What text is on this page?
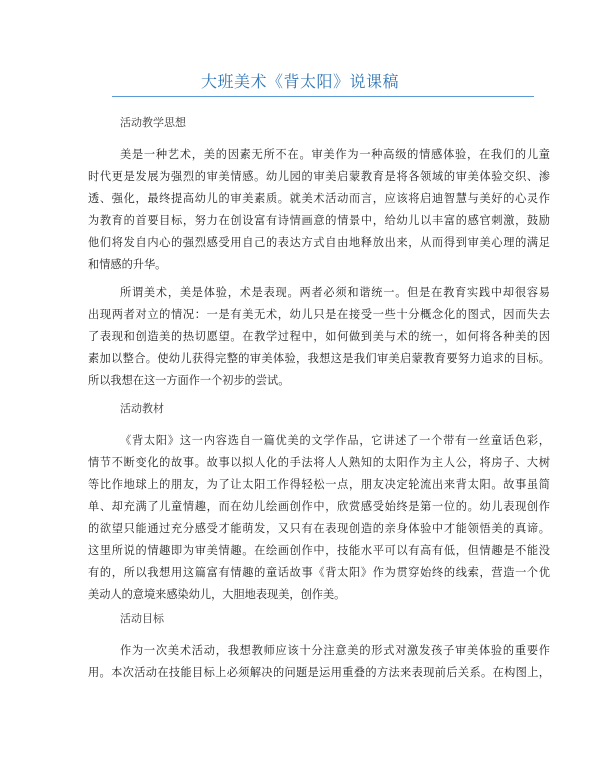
大班美术《背太阳》说课稿
活动教学思想
美是一种艺术，美的因素无所不在。审美作为一种高级的情感体验，在我们的儿童
时代更是发展为强烈的审美情感。幼儿园的审美启蒙教育是将各领域的审美体验交织、渗
透、强化，最终提高幼儿的审美素质。就美术活动而言，应该将启迪智慧与美好的心灵作
为教育的首要目标，努力在创设富有诗情画意的情景中，给幼儿以丰富的感官刺激，鼓励
他们将发自内心的强烈感受用自己的表达方式自由地释放出来，从而得到审美心理的满足
和情感的升华。
所谓美术，美是体验，术是表现。两者必须和谐统一。但是在教育实践中却很容易
出现两者对立的情况：一是有美无术，幼儿只是在接受一些十分概念化的图式，因而失去
了表现和创造美的热切愿望。在教学过程中，如何做到美与术的统一，如何将各种美的因
素加以整合。使幼儿获得完整的审美体验，我想这是我们审美启蒙教育要努力追求的目标。
所以我想在这一方面作一个初步的尝试。
活动教材
《背太阳》这一内容选自一篇优美的文学作品，它讲述了一个带有一丝童话色彩，
情节不断变化的故事。故事以拟人化的手法将人人熟知的太阳作为主人公，将房子、大树
等比作地球上的朋友，为了让太阳工作得轻松一点，朋友决定轮流出来背太阳。故事虽简
单、却充满了儿童情趣，而在幼儿绘画创作中，欣赏感受始终是第一位的。幼儿表现创作
的欲望只能通过充分感受才能萌发，又只有在表现创造的亲身体验中才能领悟美的真谛。
这里所说的情趣即为审美情趣。在绘画创作中，技能水平可以有高有低，但情趣是不能没
有的，所以我想用这篇富有情趣的童话故事《背太阳》作为贯穿始终的线索，营造一个优
美动人的意境来感染幼儿，大胆地表现美，创作美。
活动目标
作为一次美术活动，我想教师应该十分注意美的形式对激发孩子审美体验的重要作
用。本次活动在技能目标上必须解决的问题是运用重叠的方法来表现前后关系。在构图上，
